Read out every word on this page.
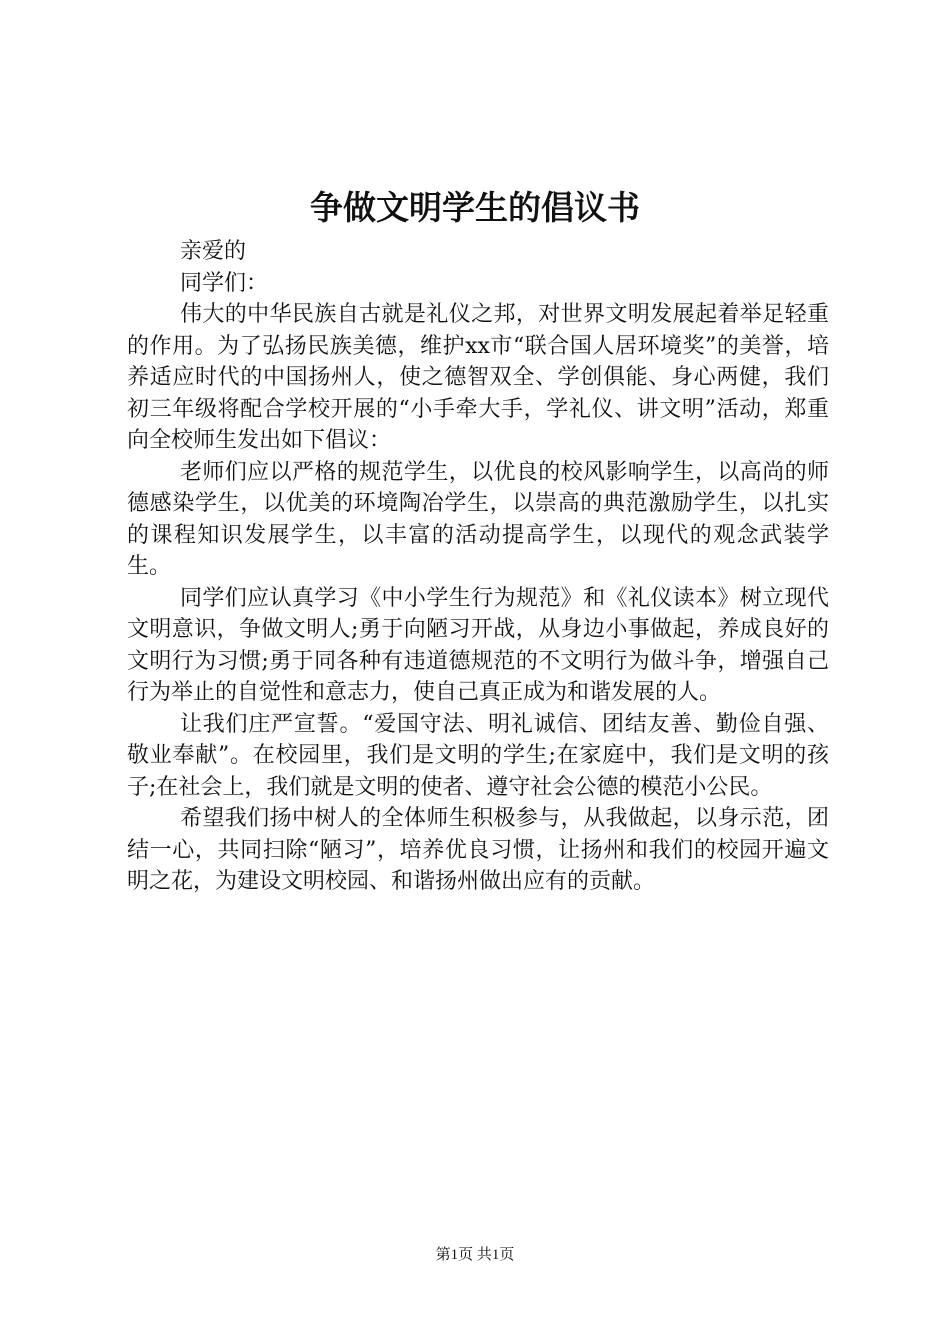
争做文明学生的倡议书

亲爱的

同学们：

伟大的中华民族自古就是礼仪之邦，对世界文明发展起着举足轻重的作用。为了弘扬民族美德，维护xx市“联合国人居环境奖”的美誉，培养适应时代的中国扬州人，使之德智双全、学创俱能、身心两健，我们初三年级将配合学校开展的“小手牵大手，学礼仪、讲文明”活动，郑重向全校师生发出如下倡议：

老师们应以严格的规范学生，以优良的校风影响学生，以高尚的师德感染学生，以优美的环境陶冶学生，以崇高的典范激励学生，以扎实的课程知识发展学生，以丰富的活动提高学生，以现代的观念武装学生。

同学们应认真学习《中小学生行为规范》和《礼仪读本》树立现代文明意识，争做文明人;勇于向陋习开战，从身边小事做起，养成良好的文明行为习惯;勇于同各种有违道德规范的不文明行为做斗争，增强自己行为举止的自觉性和意志力，使自己真正成为和谐发展的人。

让我们庄严宣誓。“爱国守法、明礼诚信、团结友善、勤俭自强、敬业奉献”。在校园里，我们是文明的学生;在家庭中，我们是文明的孩子;在社会上，我们就是文明的使者、遵守社会公德的模范小公民。

希望我们扬中树人的全体师生积极参与，从我做起，以身示范，团结一心，共同扫除“陋习”，培养优良习惯，让扬州和我们的校园开遍文明之花，为建设文明校园、和谐扬州做出应有的贡献。

第1页 共1页
